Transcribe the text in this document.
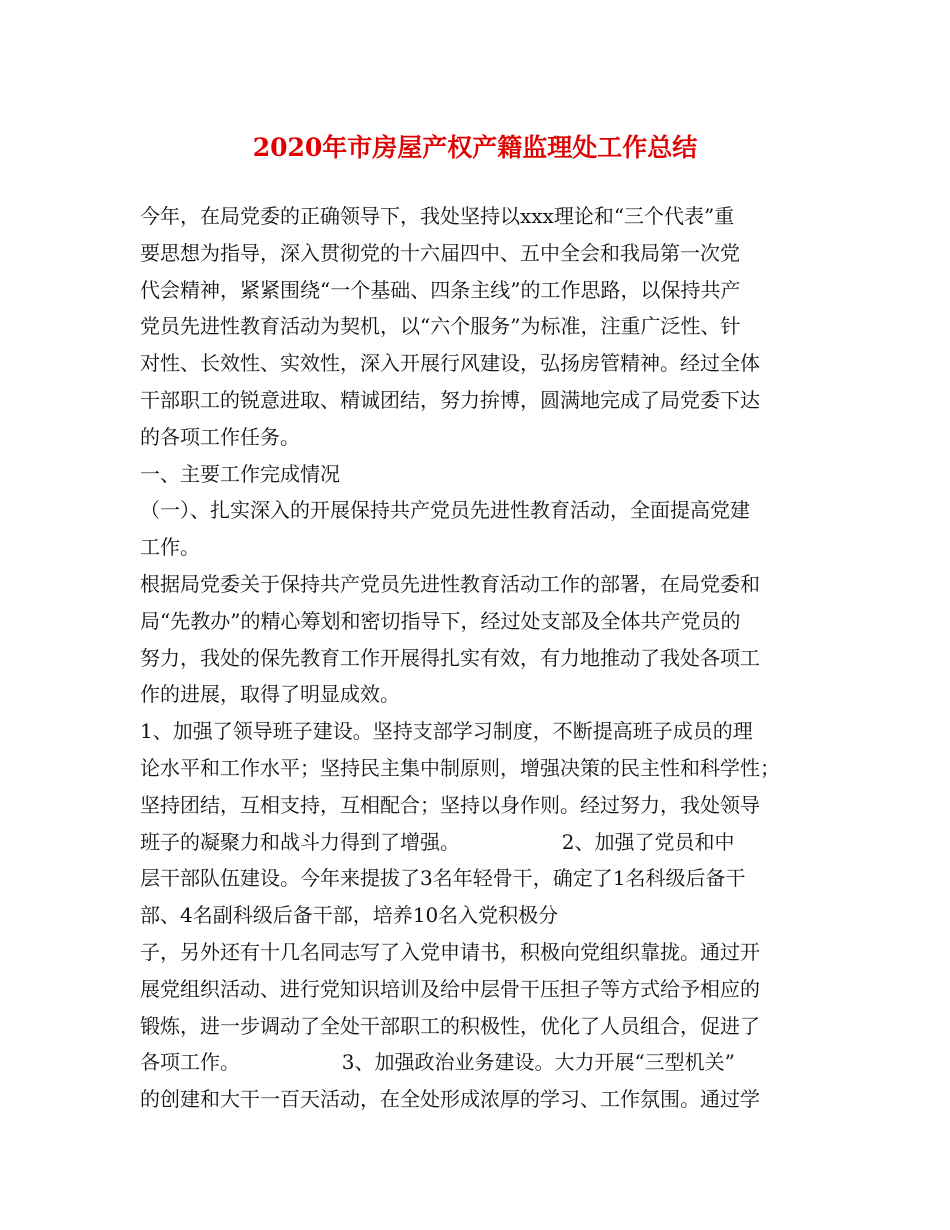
2020年市房屋产权产籍监理处工作总结
今年，在局党委的正确领导下，我处坚持以xxx理论和“三个代表”重
要思想为指导，深入贯彻党的十六届四中、五中全会和我局第一次党
代会精神，紧紧围绕“一个基础、四条主线”的工作思路，以保持共产
党员先进性教育活动为契机，以“六个服务”为标准，注重广泛性、针
对性、长效性、实效性，深入开展行风建设，弘扬房管精神。经过全体
干部职工的锐意进取、精诚团结，努力拚博，圆满地完成了局党委下达
的各项工作任务。
一、主要工作完成情况
（一）、扎实深入的开展保持共产党员先进性教育活动，全面提高党建
工作。
根据局党委关于保持共产党员先进性教育活动工作的部署，在局党委和
局“先教办”的精心筹划和密切指导下，经过处支部及全体共产党员的
努力，我处的保先教育工作开展得扎实有效，有力地推动了我处各项工
作的进展，取得了明显成效。
1、加强了领导班子建设。坚持支部学习制度，不断提高班子成员的理
论水平和工作水平；坚持民主集中制原则，增强决策的民主性和科学性；
坚持团结，互相支持，互相配合；坚持以身作则。经过努力，我处领导
班子的凝聚力和战斗力得到了增强。                2、加强了党员和中
层干部队伍建设。今年来提拔了3名年轻骨干，确定了1名科级后备干
部、4名副科级后备干部，培养10名入党积极分
子，另外还有十几名同志写了入党申请书，积极向党组织靠拢。通过开
展党组织活动、进行党知识培训及给中层骨干压担子等方式给予相应的
锻炼，进一步调动了全处干部职工的积极性，优化了人员组合，促进了
各项工作。                3、加强政治业务建设。大力开展“三型机关”
的创建和大干一百天活动，在全处形成浓厚的学习、工作氛围。通过学
